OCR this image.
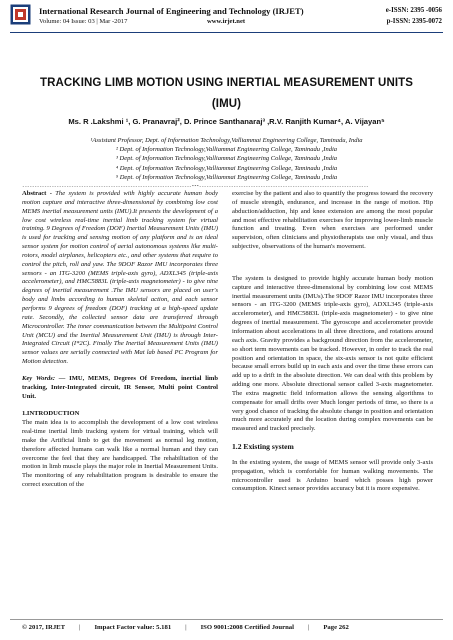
International Research Journal of Engineering and Technology (IRJET)
Volume: 04 Issue: 03 | Mar -2017	www.irjet.net
e-ISSN: 2395 -0056
p-ISSN: 2395-0072
TRACKING LIMB MOTION USING INERTIAL MEASUREMENT UNITS
(IMU)
Ms. R .Lakshmi ¹, G. Pranavraj², D. Prince Santhanaraj³ ,R.V. Ranjith Kumar⁴, A. Vijayan⁵
¹Assistant Professor, Dept. of Information Technology,Valliammai Engineering College, Taminadu, India
² Dept. of Information Technology,Valliammai Engineering College, Taminadu ,India
³ Dept. of Information Technology,Valliammai Engineering College, Taminadu ,India
⁴ Dept. of Information Technology,Valliammai Engineering College, Taminadu ,India
⁵ Dept. of Information Technology,Valliammai Engineering College, Taminadu ,India
---------------------------------------------------------------------***---------------------------------------------------------------------

Abstract - The system is provided with highly accurate human body motion capture and interactive three-dimensional by combining low cost MEMS inertial measurement units (IMU).It presents the development of a low cost wireless real-time inertial limb tracking system for virtual training. 9 Degrees of Freedom (DOF) Inertial Measurement Units (IMU) is used for tracking and sensing motion of any platform and is an ideal sensor system for motion control of aerial autonomous systems like multi-rotors, model airplanes, helicopters etc., and other systems that require to control the pitch, roll and yaw. The 9DOF Razor IMU incorporates three sensors - an ITG-3200 (MEMS triple-axis gyro), ADXL345 (triple-axis accelerometer), and HMC5883L (triple-axis magnetometer) - to give nine degrees of inertial measurement .The IMU sensors are placed on user's body and limbs according to human skeletal action, and each sensor performs 9 degrees of freedom (DOF) tracking at a high-speed update rate. Secondly, the collected sensor data are transferred through Microcontroller. The inner communication between the Multipoint Control Unit (MCU) and the Inertial Measurement Unit (IMU) is through Inter-Integrated Circuit (I*2C). Finally The Inertial Measurement Units (IMU) sensor values are serially connected with Mat lab based PC Program for Motion detection.

Key Words: — IMU, MEMS, Degrees Of Freedom, inertial limb tracking, Inter-Integrated circuit, IR Sensor, Multi point Control Unit.

1.INTRODUCTION

The main idea is to accomplish the development of a low cost wireless real-time inertial limb tracking system for virtual training, which will make the Artificial limb to get the movement as normal leg motion, therefore affected humans can walk like a normal human and they can overcome the feel that they are handicapped. The rehabilitation of the motion in limb muscle plays the major role in Inertial Measurement Units. The monitoring of any rehabilitation program is desirable to ensure the correct execution of the

exercise by the patient and also to quantify the progress toward the recovery of muscle strength, endurance, and increase in the range of motion. Hip abduction/adduction, hip and knee extension are among the most popular and most effective rehabilitation exercises for improving lower-limb muscle function and treating. Even when exercises are performed under supervision, often clinicians and physiotherapists use only visual, and thus subjective, observations of the human's movement.

The system is designed to provide highly accurate human body motion capture and interactive three-dimensional by combining low cost MEMS inertial measurement units (IMUs).The 9DOF Razor IMU incorporates three sensors - an ITG-3200 (MEMS triple-axis gyro), ADXL345 (triple-axis accelerometer), and HMC5883L (triple-axis magnetometer) - to give nine degrees of inertial measurement. The gyroscope and accelerometer provide information about accelerations in all three directions, and rotations around each axis. Gravity provides a background direction from the accelerometer, so short term movements can be tracked. However, in order to track the real position and orientation in space, the six-axis sensor is not quite efficient because small errors build up in each axis and over the time these errors can add up to a drift in the absolute direction. We can deal with this problem by adding one more. Absolute directional sensor called 3-axis magnetometer. The extra magnetic field information allows the sensing algorithms to compensate for small drifts over Much longer periods of time, so there is a very good chance of tracking the absolute change in position and orientation much more accurately and the location during complex movements can be measured and tracked precisely.

1.2 Existing system

In the existing system, the usage of MEMS sensor will provide only 3-axis propagation, which is comfortable for human walking movements. The microcontroller used is Arduino board which posses high power consumption. Kinect sensor provides accuracy but it is more expensive.

© 2017, IRJET | Impact Factor value: 5.181 | ISO 9001:2008 Certified Journal | Page 262
